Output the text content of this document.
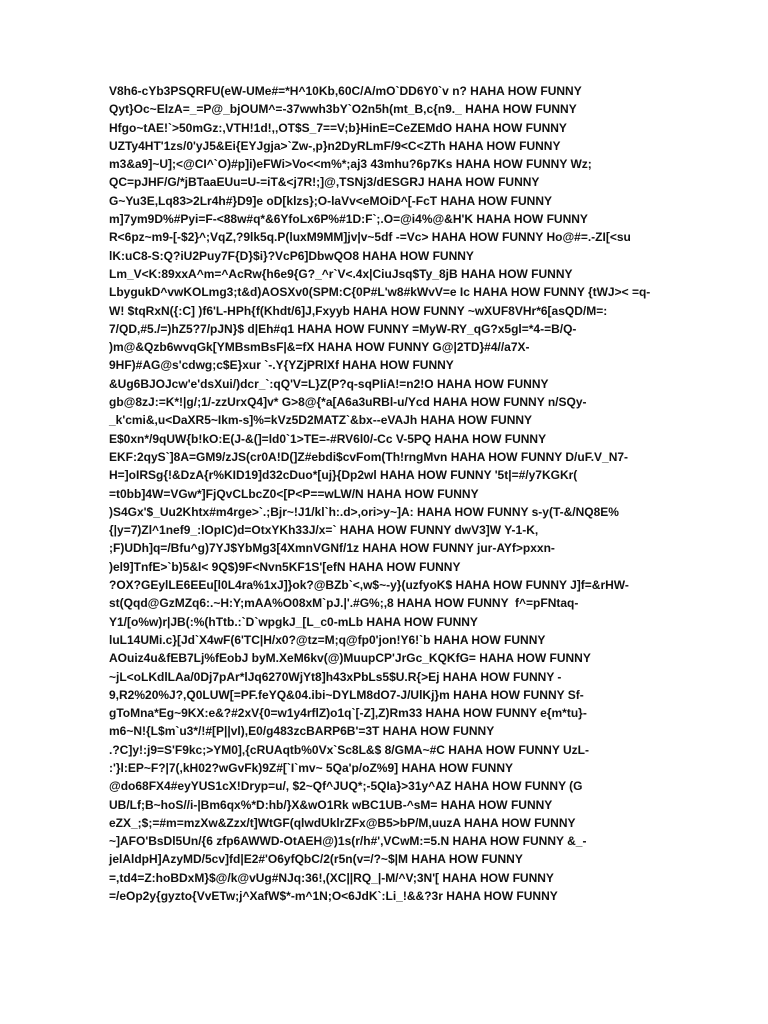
V8h6-cYb3PSQRFU(eW-UMe#=*H^10Kb,60C/A/mO`DD6Y0`v n? HAHA HOW FUNNY
Qyt}Oc~ElzA=_=P@_bjOUM^=-37wwh3bY`O2n5h(mt_B,c{n9._ HAHA HOW FUNNY
Hfgo~tAE!`>50mGz:,VTH!1d!,,OT$S_7==V;b}HinE=CeZEMdO HAHA HOW FUNNY
UZTy4HT'1zs/0'yJ5&Ei{EYJgja>`Zw-,p}n2DyRLmF/9<C<ZTh HAHA HOW FUNNY
m3&a9]~U];<@CI^`O)#p]i)eFWi>Vo<<m%*;aj3 43mhu?6p7Ks HAHA HOW FUNNY Wz;
QC=pJHF/G/*jBTaaEUu=U-=iT&<j7R!;]@,TSNj3/dESGRJ HAHA HOW FUNNY
G~Yu3E,Lq83>2Lr4h#}D9]e oD[klzs};O-laVv<eMOiD^[-FcT HAHA HOW FUNNY
m]7ym9D%#Pyi=F-<88w#q*&6YfoLx6P%#1D:F`;.O=@i4%@&H'K HAHA HOW FUNNY
R<6pz~m9-[-$2}^;VqZ,?9lk5q.P(luxM9MM]jv|v~5df -=Vc> HAHA HOW FUNNY Ho@#=.-ZI[<su
lK:uC8-S:Q?iU2Puy7F{D}$i}?VcP6]DbwQO8 HAHA HOW FUNNY
Lm_V<K:89xxA^m=^AcRw{h6e9{G?_^r`V<.4x|CiuJsq$Ty_8jB HAHA HOW FUNNY
LbygukD^vwKOLmg3;t&d)AOSXv0(SPM:C{0P#L'w8#kWvV=e Ic HAHA HOW FUNNY {tWJ>< =q-
W! $tqRxN({:C] )f6'L-HPh{f(Khdt/6]J,Fxyyb HAHA HOW FUNNY ~wXUF8VHr*6[asQD/M=:
7/QD,#5./=)hZ5?7/pJN}$ d|Eh#q1 HAHA HOW FUNNY =MyW-RY_qG?x5gl=*4-=B/Q-
)m@&Qzb6wvqGk[YMBsmBsF|&=fX HAHA HOW FUNNY G@|2TD}#4//a7X-
9HF)#AG@s'cdwg;c$E}xur `-.Y{YZjPRlXf HAHA HOW FUNNY
&Ug6BJOJcw'e'dsXui/)dcr_`:qQ'V=L}Z(P?q-sqPIiA!=n2!O HAHA HOW FUNNY
gb@8zJ:=K*!|g/;1/-zzUrxQ4]v* G>8@{*a[A6a3uRBl-u/Ycd HAHA HOW FUNNY n/SQy-
_k'cmi&,u<DaXR5~Ikm-s]%=kVz5D2MATZ`&bx--eVAJh HAHA HOW FUNNY
E$0xn*/9qUW{b!kO:E(J-&(]=ld0`1>TE=-#RV6l0/-Cc V-5PQ HAHA HOW FUNNY
EKF:2qyS`]8A=GM9/zJS(cr0A!D(]Z#ebdi$cvFom(Th!rngMvn HAHA HOW FUNNY D/uF.V_N7-
H=]oIRSg{!&DzA{r%KID19]d32cDuo*[uj}{Dp2wl HAHA HOW FUNNY '5t|=#/y7KGKr(
=t0bb]4W=VGw*]FjQvCLbcZ0<[P<P==wLW/N HAHA HOW FUNNY
)S4Gx'$_Uu2Khtx#m4rge>`.;Bjr~!J1/kl`h:.d>,ori>y~]A: HAHA HOW FUNNY s-y(T-&/NQ8E%
{|y=7)Zl^1nef9_:lOpIC)d=OtxYKh33J/x=` HAHA HOW FUNNY dwV3]W Y-1-K,
;F)UDh]q=/Bfu^g)7YJ$YbMg3[4XmnVGNf/1z HAHA HOW FUNNY jur-AYf>pxxn-
)el9]TnfE>`b)5&l< 9Q$)9F<Nvn5KF1S'[efN HAHA HOW FUNNY
?OX?GEylLE6EEu[l0L4ra%1xJ]}ok?@BZb`<,w$~-y}(uzfyoK$ HAHA HOW FUNNY J]f=&rHW-
st(Qqd@GzMZq6:.~H:Y;mAA%O08xM`pJ.|'.#G%;,8 HAHA HOW FUNNY  f^=pFNtaq-
Y1/[o%w)r|JB(:%(hTtb.:`D`wpgkJ_[L_c0-mLb HAHA HOW FUNNY
luL14UMi.c}[Jd`X4wF(6'TC|H/x0?@tz=M;q@fp0'jon!Y6!`b HAHA HOW FUNNY
AOuiz4u&fEB7Lj%fEobJ byM.XeM6kv(@)MuupCP'JrGc_KQKfG= HAHA HOW FUNNY
~jL<oLKdlLAa/0Dj7pAr*lJq6270WjYt8]h43xPbLs5$U.R{>Ej HAHA HOW FUNNY -
9,R2%20%J?,Q0LUW[=PF.feYQ&04.ibi~DYLM8dO7-J/UlKj}m HAHA HOW FUNNY Sf-
gToMna*Eg~9KX:e&?#2xV{0=w1y4rflZ)o1q`[-Z],Z)Rm33 HAHA HOW FUNNY e{m*tu}-
m6~N!{L$m`u3*/!#[P||vl),E0/g483zcBARP6B'=3T HAHA HOW FUNNY
.?C]y!:j9=S'F9kc;>YM0],{cRUAqtb%0Vx`Sc8L&$ 8/GMA~#C HAHA HOW FUNNY UzL-
:'}l:EP~F?|7(,kH02?wGvFk)9Z#[`I`mv~ 5Qa'p/oZ%9] HAHA HOW FUNNY
@do68FX4#eyYUS1cX!Dryp=u/, $2~Qf^JUQ*;-5QIa}>31y^AZ HAHA HOW FUNNY (G
UB/Lf;B~hoS//i-|Bm6qx%*D:hb/}X&wO1Rk wBC1UB-^sM= HAHA HOW FUNNY
eZX_;$;=#m=mzXw&Zzx/t]WtGF(qlwdUklrZFx@B5>bP/M,uuzA HAHA HOW FUNNY
~]AFO'BsDl5Un/{6 zfp6AWWD-OtAEH@)1s(r/h#',VCwM:=5.N HAHA HOW FUNNY &_-
jelAldpH]AzyMD/5cv]fd|E2#'O6yfQbC/2(r5n(v=/?~$|M HAHA HOW FUNNY
=,td4=Z:hoBDxM}$@/k@vUg#NJq:36!,(XC||RQ_|-M/^V;3N'[ HAHA HOW FUNNY
=/eOp2y{gyzto{VvETw;j^XafW$*-m^1N;O<6JdK`:Li_!&&?3r HAHA HOW FUNNY
